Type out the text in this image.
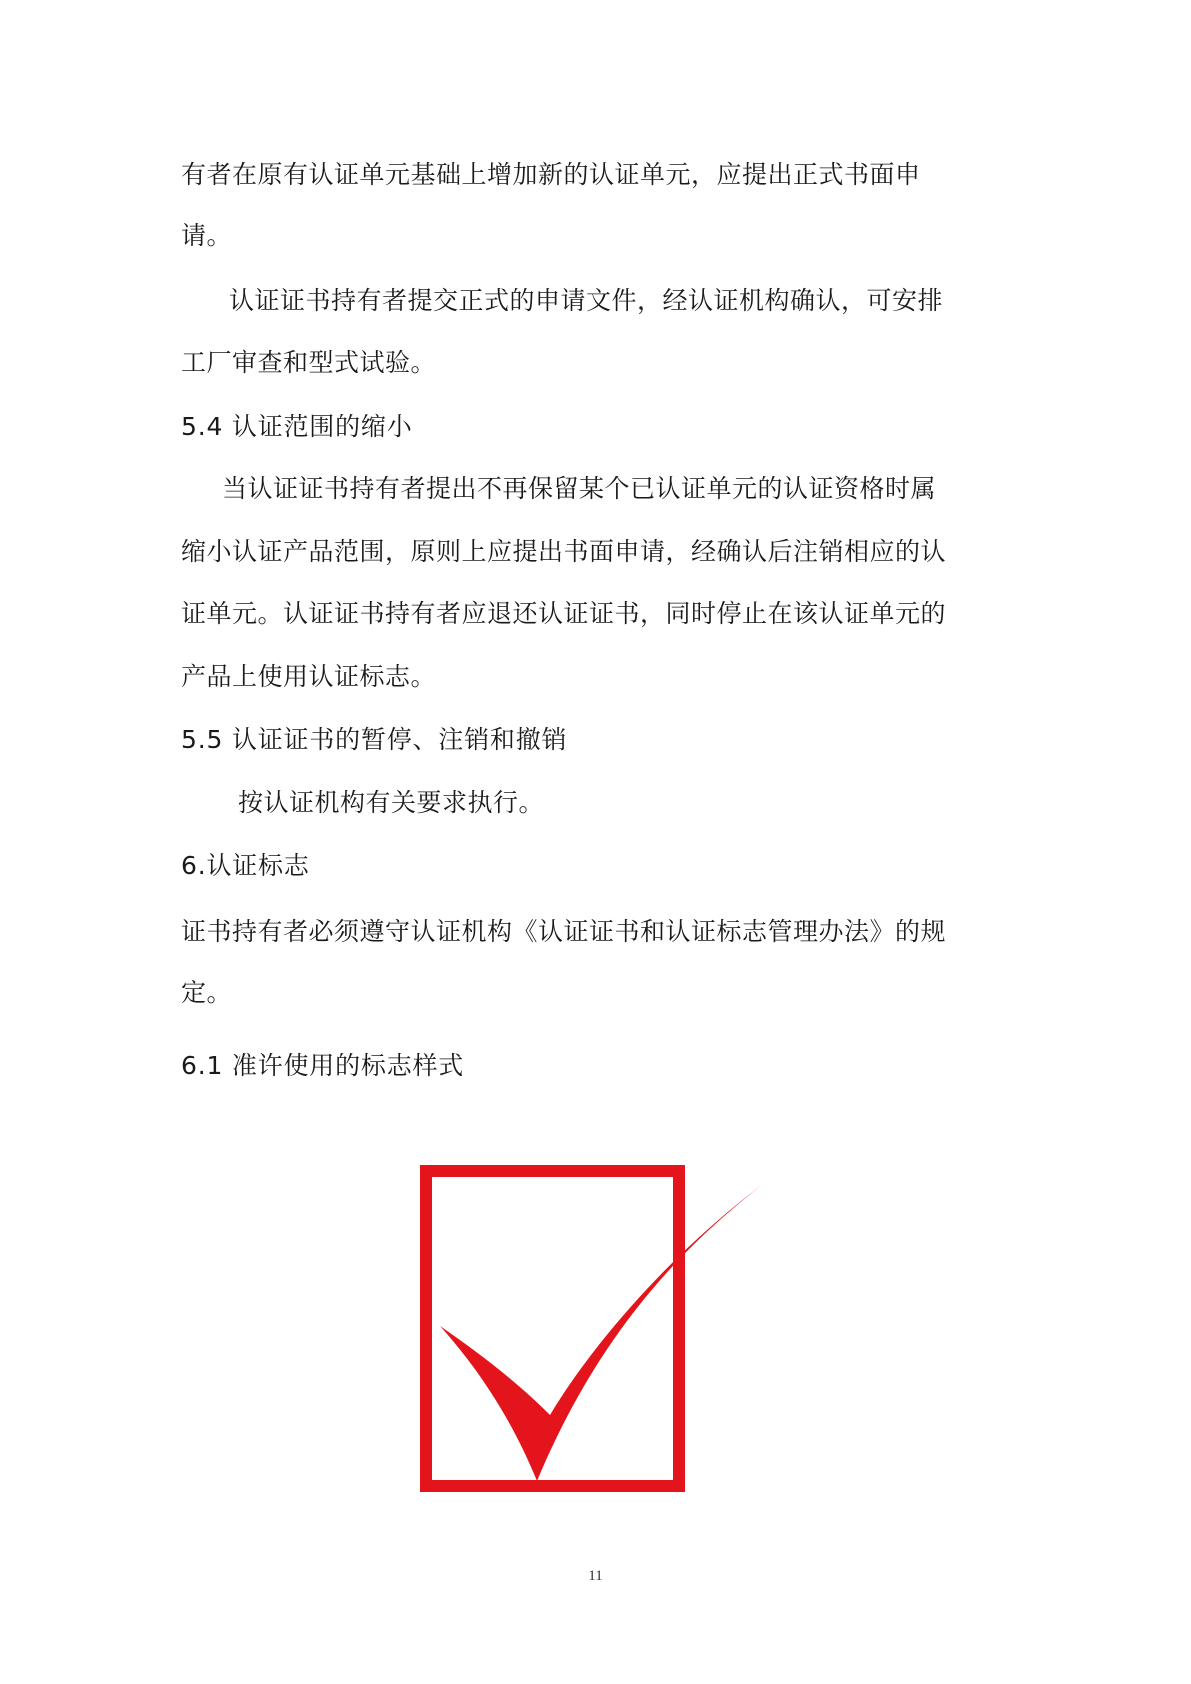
有者在原有认证单元基础上增加新的认证单元，应提出正式书面申
请。
认证证书持有者提交正式的申请文件，经认证机构确认，可安排
工厂审查和型式试验。
5.4 认证范围的缩小
当认证证书持有者提出不再保留某个已认证单元的认证资格时属
缩小认证产品范围，原则上应提出书面申请，经确认后注销相应的认
证单元。认证证书持有者应退还认证证书，同时停止在该认证单元的
产品上使用认证标志。
5.5 认证证书的暂停、注销和撤销
按认证机构有关要求执行。
6.认证标志
证书持有者必须遵守认证机构《认证证书和认证标志管理办法》的规
定。
6.1 准许使用的标志样式
11
